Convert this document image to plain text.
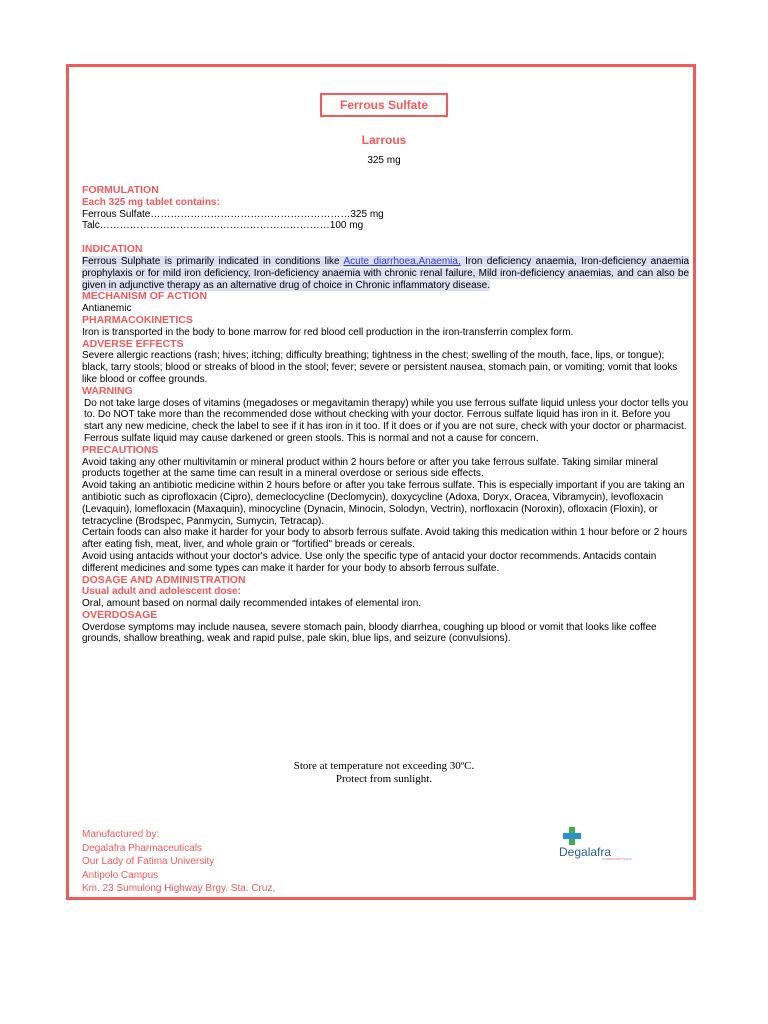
Ferrous Sulfate
Larrous
325 mg
FORMULATION
Each 325 mg tablet contains:
Ferrous Sulfate …………………………………………………… 325 mg
Talc …………………………………………………………… 100 mg
INDICATION

Ferrous Sulphate is primarily indicated in conditions like Acute diarrhoea,Anaemia, Iron deficiency anaemia, Iron-deficiency anaemia prophylaxis or for mild iron deficiency, Iron-deficiency anaemia with chronic renal failure, Mild iron-deficiency anaemias, and can also be given in adjunctive therapy as an alternative drug of choice in Chronic inflammatory disease.

MECHANISM OF ACTION

Antianemic

PHARMACOKINETICS

Iron is transported in the body to bone marrow for red blood cell production in the iron-transferrin complex form.

ADVERSE EFFECTS

Severe allergic reactions (rash; hives; itching; difficulty breathing; tightness in the chest; swelling of the mouth, face, lips, or tongue); black, tarry stools; blood or streaks of blood in the stool; fever; severe or persistent nausea, stomach pain, or vomiting; vomit that looks like blood or coffee grounds.

WARNING

Do not take large doses of vitamins (megadoses or megavitamin therapy) while you use ferrous sulfate liquid unless your doctor tells you to. Do NOT take more than the recommended dose without checking with your doctor. Ferrous sulfate liquid has iron in it. Before you start any new medicine, check the label to see if it has iron in it too. If it does or if you are not sure, check with your doctor or pharmacist. Ferrous sulfate liquid may cause darkened or green stools. This is normal and not a cause for concern.

PRECAUTIONS

Avoid taking any other multivitamin or mineral product within 2 hours before or after you take ferrous sulfate. Taking similar mineral products together at the same time can result in a mineral overdose or serious side effects.

Avoid taking an antibiotic medicine within 2 hours before or after you take ferrous sulfate. This is especially important if you are taking an antibiotic such as ciprofloxacin (Cipro), demeclocycline (Declomycin), doxycycline (Adoxa, Doryx, Oracea, Vibramycin), levofloxacin (Levaquin), lomefloxacin (Maxaquin), minocycline (Dynacin, Minocin, Solodyn, Vectrin), norfloxacin (Noroxin), ofloxacin (Floxin), or tetracycline (Brodspec, Panmycin, Sumycin, Tetracap).

Certain foods can also make it harder for your body to absorb ferrous sulfate. Avoid taking this medication within 1 hour before or 2 hours after eating fish, meat, liver, and whole grain or "fortified" breads or cereals.

Avoid using antacids without your doctor's advice. Use only the specific type of antacid your doctor recommends. Antacids contain different medicines and some types can make it harder for your body to absorb ferrous sulfate.

DOSAGE AND ADMINISTRATION
Usual adult and adolescent dose:

Oral, amount based on normal daily recommended intakes of elemental iron.

OVERDOSAGE

Overdose symptoms may include nausea, severe stomach pain, bloody diarrhea, coughing up blood or vomit that looks like coffee grounds, shallow breathing, weak and rapid pulse, pale skin, blue lips, and seizure (convulsions).

Store at temperature not exceeding 30ºC.
Protect from sunlight.
Manufactured by:
Degalafra Pharmaceuticals
Our Lady of Fatima University
Antipolo Campus
Km. 23 Sumulong Highway Brgy. Sta. Cruz,
Degalafra
PHARMACEUTICALS
